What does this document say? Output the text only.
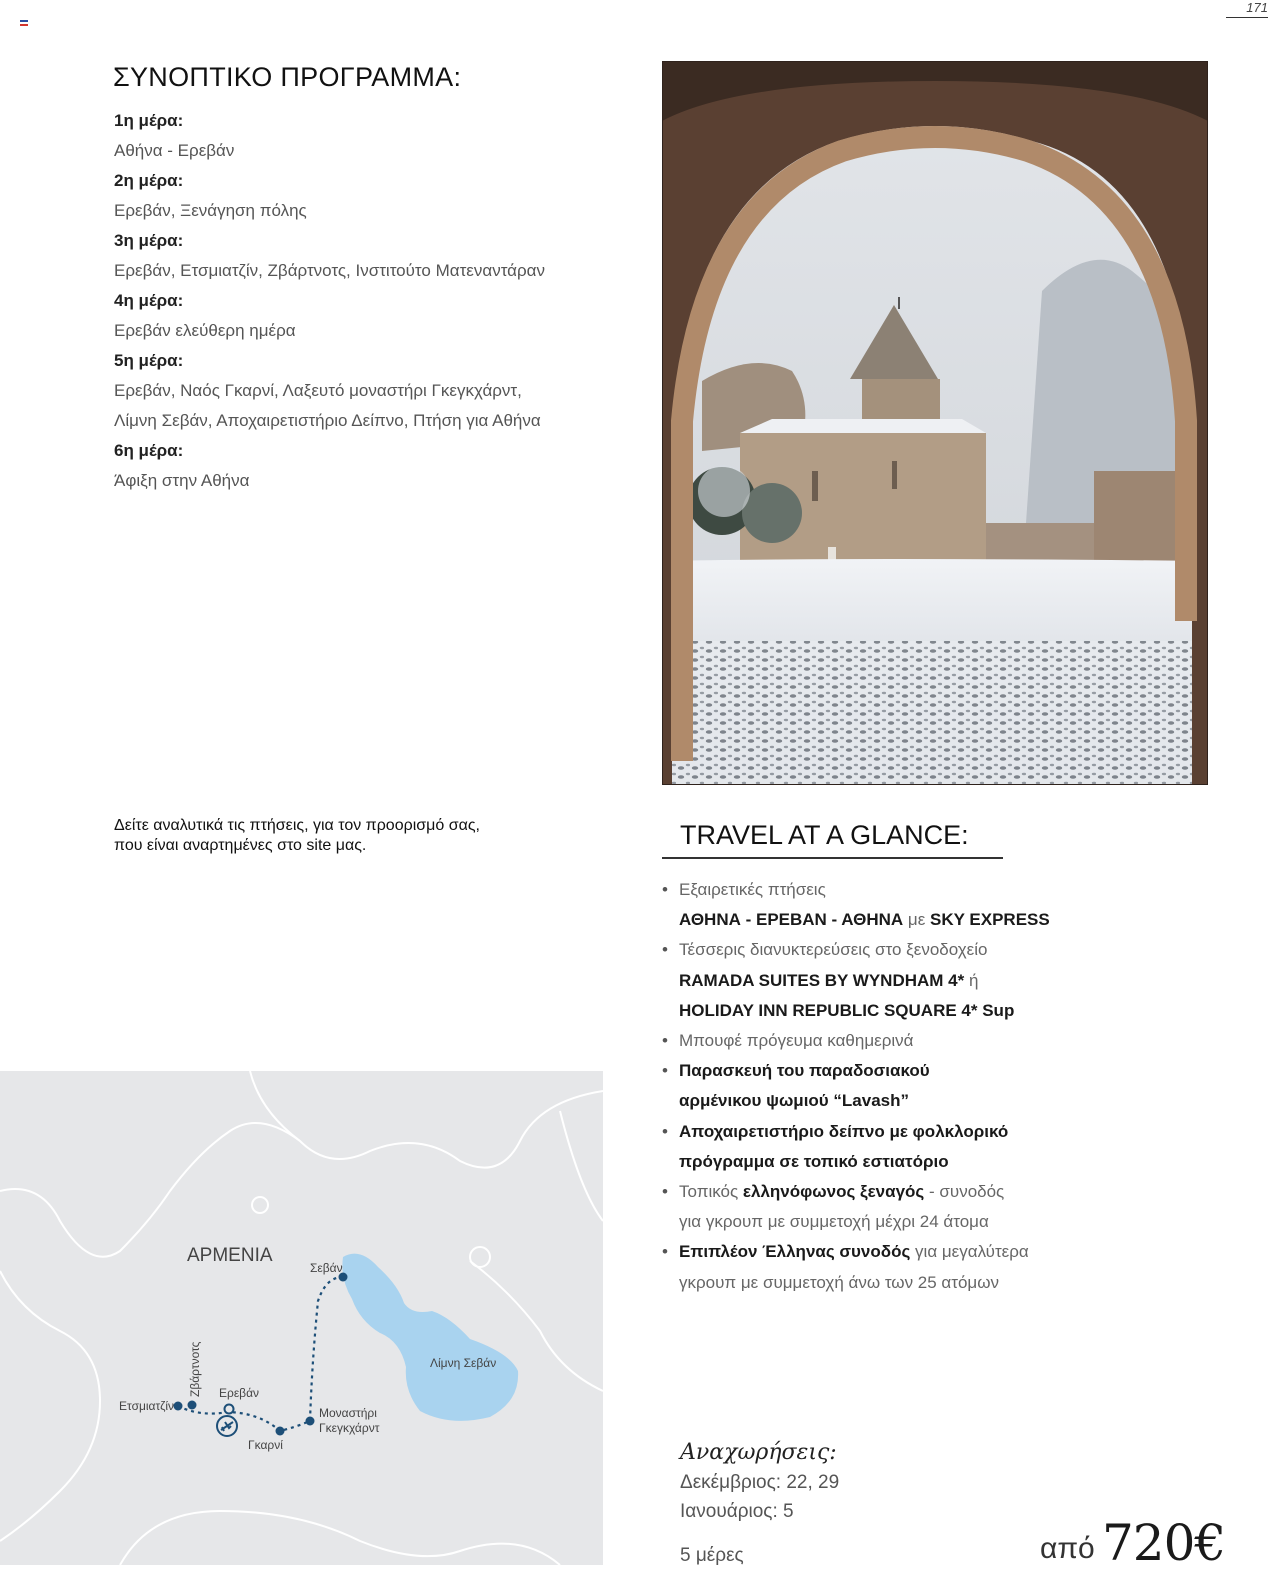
171
ΣΥΝΟΠΤΙΚΟ ΠΡΟΓΡΑΜΜΑ:
1η μέρα:
Αθήνα - Ερεβάν
2η μέρα:
Ερεβάν, Ξενάγηση πόλης
3η μέρα:
Ερεβάν, Ετσμιατζίν, Ζβάρτνοτς, Ινστιτούτο Ματεναντάραν
4η μέρα:
Ερεβάν ελεύθερη ημέρα
5η μέρα:
Ερεβάν, Ναός Γκαρνί, Λαξευτό μοναστήρι Γκεγκχάρντ,
Λίμνη Σεβάν, Αποχαιρετιστήριο Δείπνο, Πτήση για Αθήνα
6η μέρα:
Άφιξη στην Αθήνα
Δείτε αναλυτικά τις πτήσεις, για τον προορισμό σας,
που είναι αναρτημένες στο site μας.	TRAVEL AT A GLANCE:
• Εξαιρετικές πτήσεις
ΑΘΗΝΑ - ΕΡΕΒΑΝ - ΑΘΗΝΑ με SKY EXPRESS
• Τέσσερις διανυκτερεύσεις στο ξενοδοχείο
RAMADA SUITES BY WYNDHAM 4* ή
HOLIDAY INN REPUBLIC SQUARE 4* Sup
• Μπουφέ πρόγευμα καθημερινά
• Παρασκευή του παραδοσιακού
αρμένικου ψωμιού “Lavash”
• Αποχαιρετιστήριο δείπνο με φολκλορικό
πρόγραμμα σε τοπικό εστιατόριο
• Τοπικός ελληνόφωνος ξεναγός - συνοδός
για γκρουπ με συμμετοχή μέχρι 24 άτομα
• Επιπλέον Έλληνας συνοδός για μεγαλύτερα
γκρουπ με συμμετοχή άνω των 25 ατόμων
ΑΡΜΕΝΙΑ
Λίμνη Σεβάν
Σεβάν
Ετσμιατζίν
Ζβάρτνοτς Ερεβάν
Γκαρνί
Μοναστήρι
Γκεγκχάρντ
Αναχωρήσεις:
Δεκέμβριος: 22, 29
Ιανουάριος: 5
5 μέρες	από 720€
